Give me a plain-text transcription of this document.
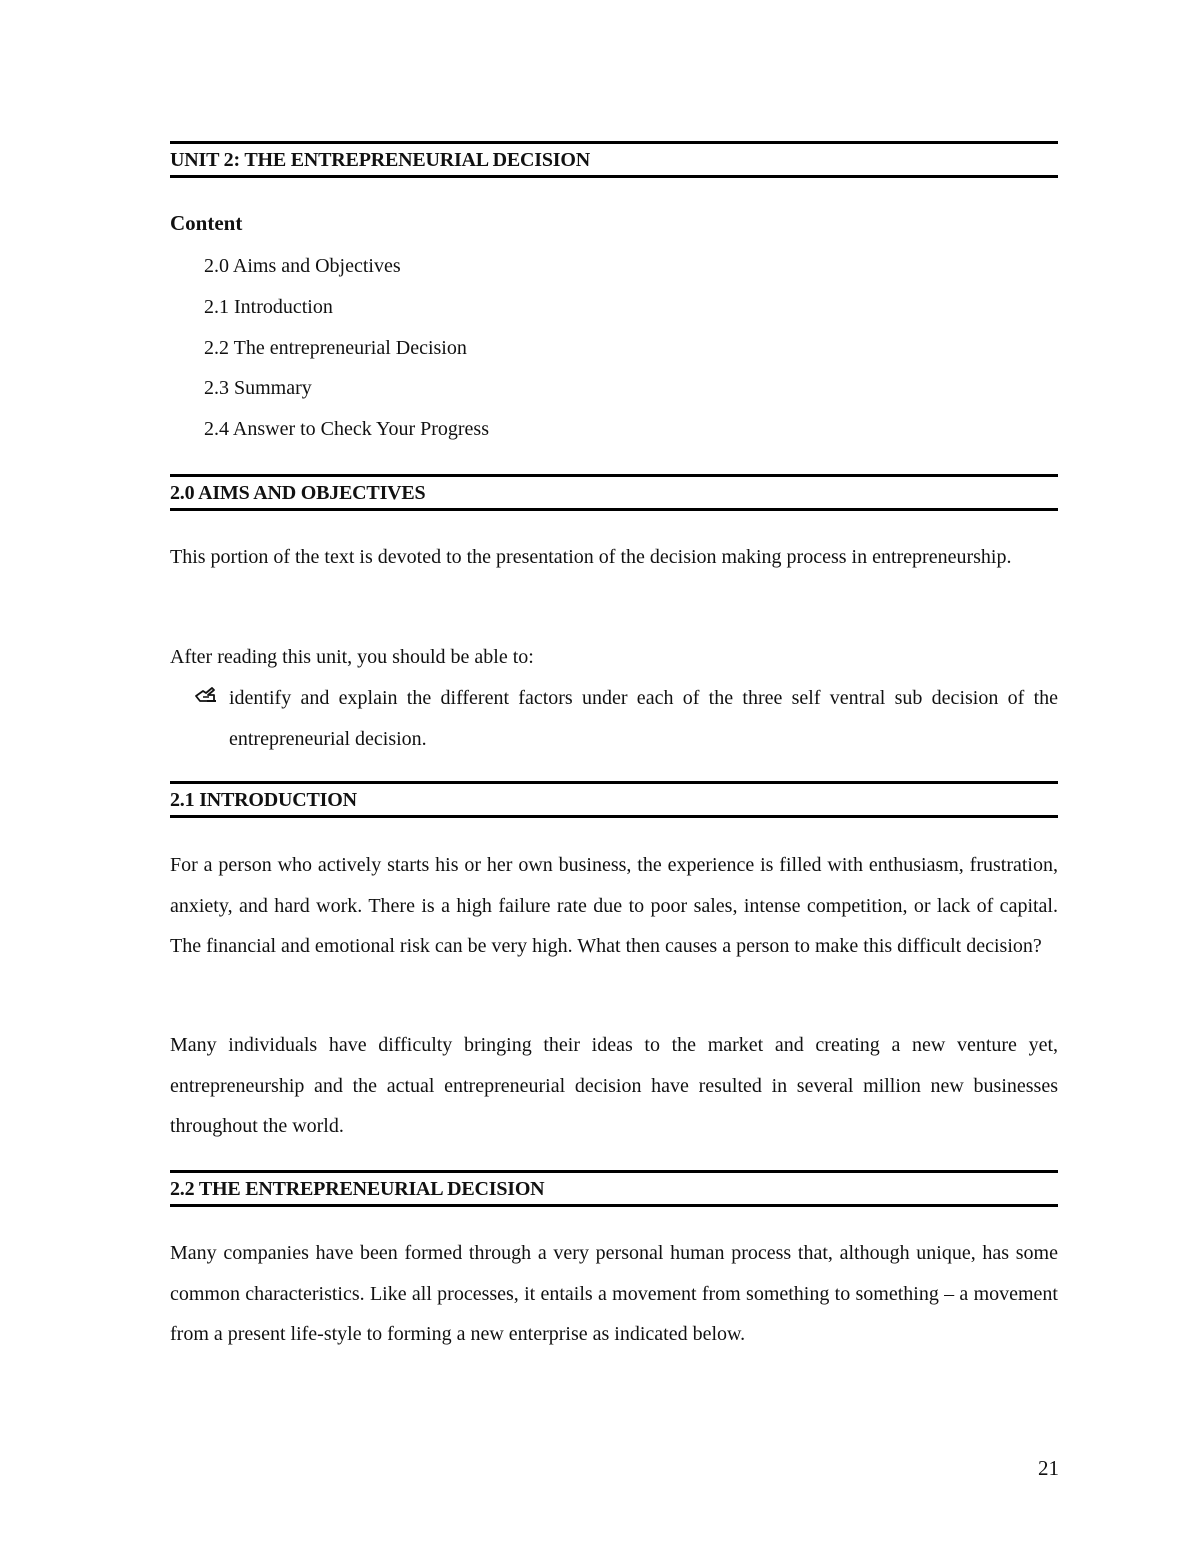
UNIT 2: THE ENTREPRENEURIAL DECISION
Content
2.0 Aims and Objectives
2.1 Introduction
2.2 The entrepreneurial Decision
2.3 Summary
2.4 Answer to Check Your Progress
2.0 AIMS AND OBJECTIVES
This portion of the text is devoted to the presentation of the decision making process in entrepreneurship.
After reading this unit, you should be able to:
identify and explain the different factors under each of the three self ventral sub decision of the entrepreneurial decision.
2.1 INTRODUCTION
For a person who actively starts his or her own business, the experience is filled with enthusiasm, frustration, anxiety, and hard work. There is a high failure rate due to poor sales, intense competition, or lack of capital. The financial and emotional risk can be very high. What then causes a person to make this difficult decision?
Many individuals have difficulty bringing their ideas to the market and creating a new venture yet, entrepreneurship and the actual entrepreneurial decision have resulted in several million new businesses throughout the world.
2.2 THE ENTREPRENEURIAL DECISION
Many companies have been formed through a very personal human process that, although unique, has some common characteristics. Like all processes, it entails a movement from something to something – a movement from a present life-style to forming a new enterprise as indicated below.
21
